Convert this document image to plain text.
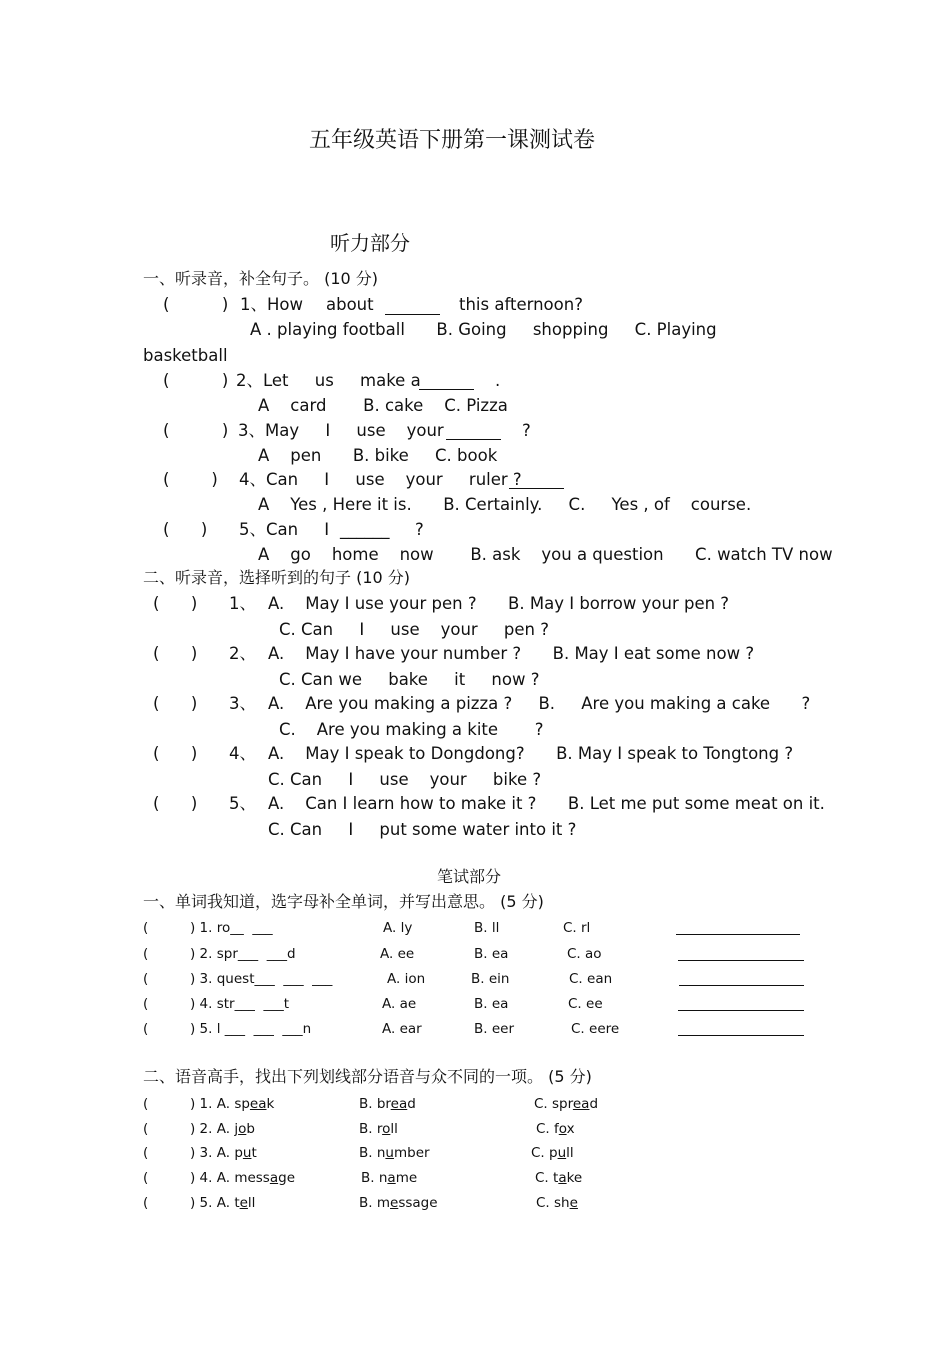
五年级英语下册第一课测试卷
听力部分
一、听录音，补全句子。 (10 分)
(          ) 1、How about	this afternoon?
A . playing football      B. Going     shopping     C. Playing
basketball
(          ) 2、Let     us     make a	.
A    card       B. cake    C. Pizza
(          ) 3、May     I     use    your	?
A    pen      B. bike     C. book
(        ) 4、Can     I     use    your     ruler ?
A    Yes , Here it is.      B. Certainly.     C.     Yes , of    course.
(      ) 5、Can     I ______ ?
A    go    home    now       B. ask    you a question      C. watch TV now
二、听录音，选择听到的句子 (10 分)
(      ) 1、 A.    May I use your pen ?      B. May I borrow your pen ?
C. Can     I     use    your     pen ?
(      ) 2、 A.    May I have your number ?      B. May I eat some now ?
C. Can we     bake     it     now ?
(      ) 3、 A.    Are you making a pizza ?     B.     Are you making a cake      ?
C.    Are you making a kite       ?
(      ) 4、 A.    May I speak to Dongdong?      B. May I speak to Tongtong ?
C. Can     I     use    your     bike ?
(      ) 5、 A.    Can I learn how to make it ?      B. Let me put some meat on it.
C. Can     I     put some water into it ?
笔试部分
一、单词我知道，选字母补全单词，并写出意思。 (5 分)
(	) 1. ro__  ___	A. ly	B. ll	C. rl
(	) 2. spr___  ___d	A. ee	B. ea	C. ao
(	) 3. quest___  ___  ___	A. ion	B. ein	C. ean
(	) 4. str___  ___t	A. ae	B. ea	C. ee
(	) 5. l ___  ___  ___n	A. ear	B. eer	C. eere
二、语音高手，找出下列划线部分语音与众不同的一项。 (5 分)
(	) 1. A. speak	B. bread	C. spread
(	) 2. A. job	B. roll	C. fox
(	) 3. A. put	B. number	C. pull
(	) 4. A. message	B. name	C. take
(	) 5. A. tell	B. message	C. she
